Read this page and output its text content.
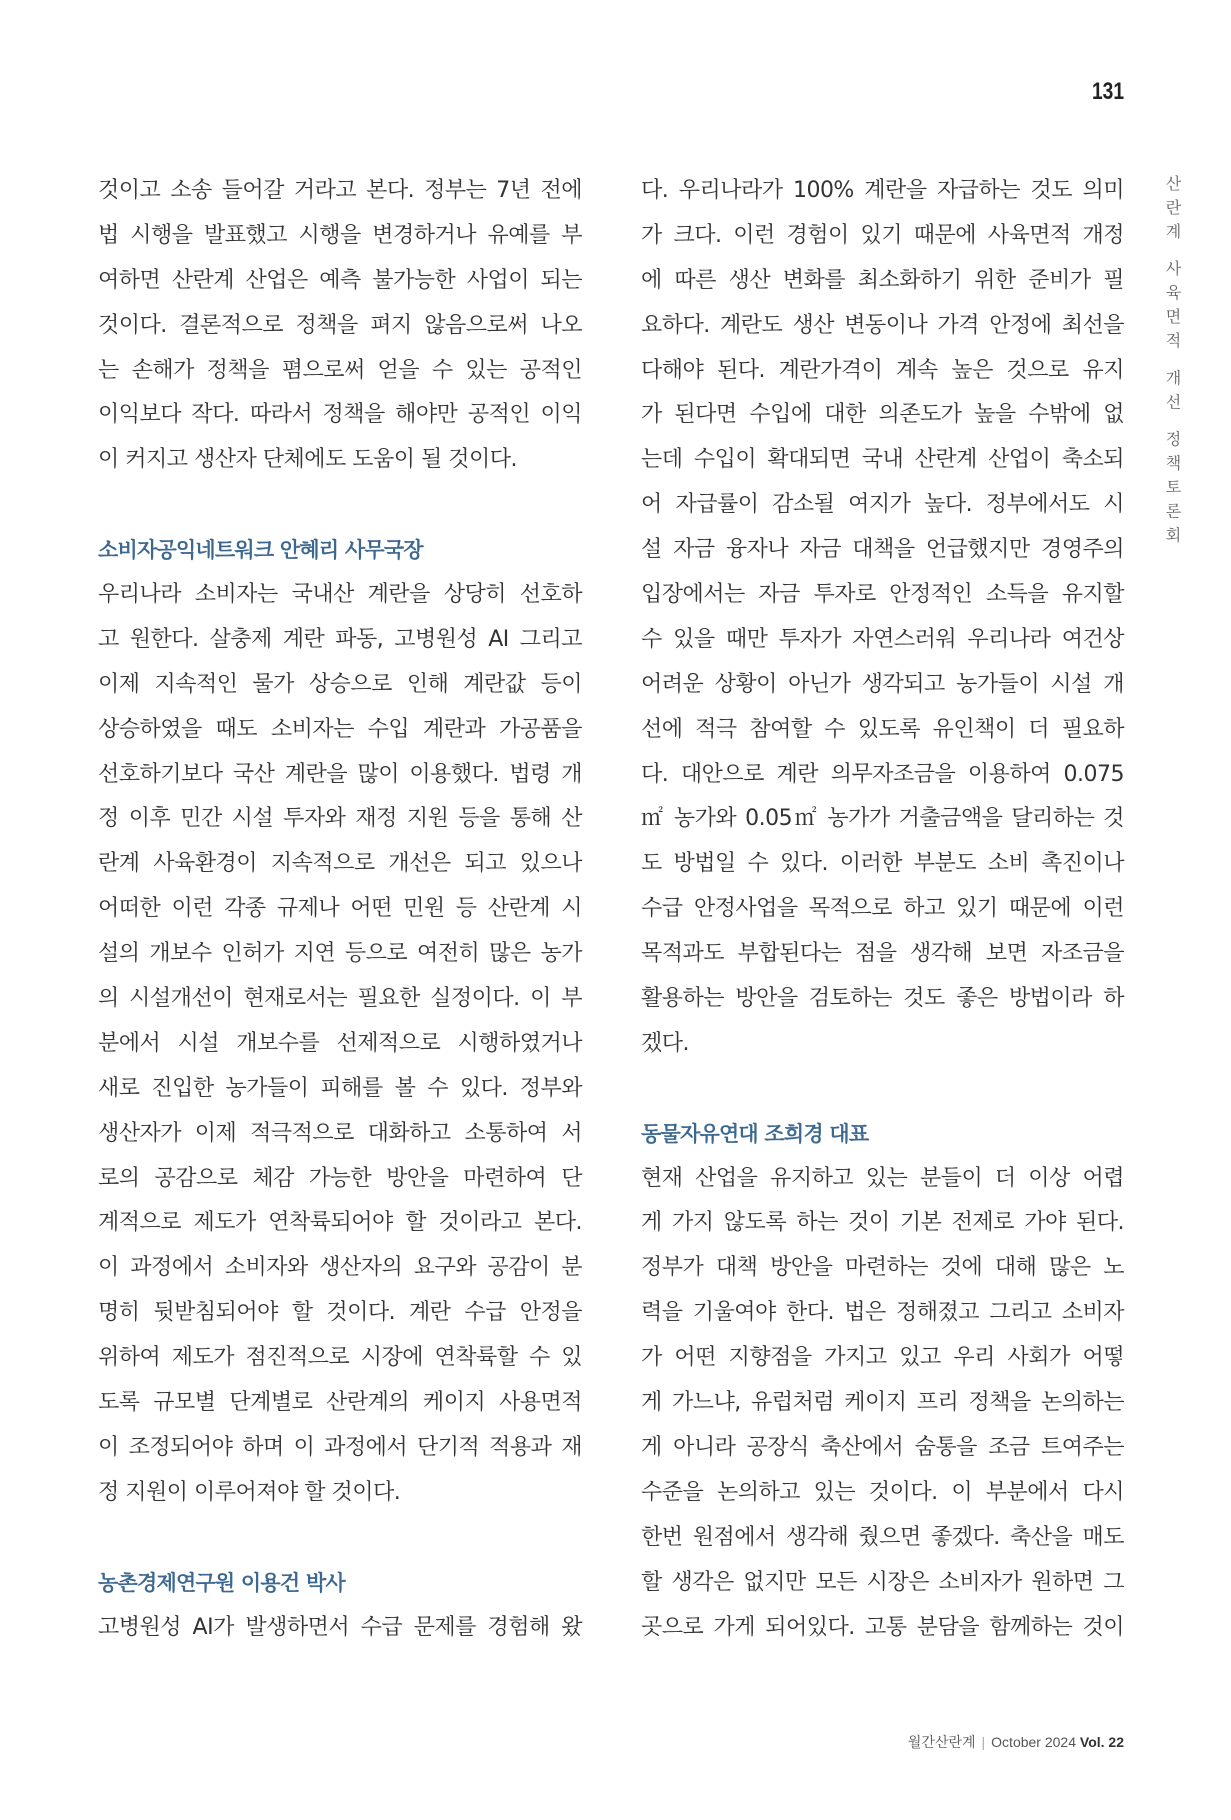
131
것이고 소송 들어갈 거라고 본다. 정부는 7년 전에
법 시행을 발표했고 시행을 변경하거나 유예를 부
여하면 산란계 산업은 예측 불가능한 사업이 되는
것이다. 결론적으로 정책을 펴지 않음으로써 나오
는 손해가 정책을 폄으로써 얻을 수 있는 공적인
이익보다 작다. 따라서 정책을 해야만 공적인 이익
이 커지고 생산자 단체에도 도움이 될 것이다.
소비자공익네트워크 안혜리 사무국장
우리나라 소비자는 국내산 계란을 상당히 선호하
고 원한다. 살충제 계란 파동, 고병원성 AI 그리고
이제 지속적인 물가 상승으로 인해 계란값 등이
상승하였을 때도 소비자는 수입 계란과 가공품을
선호하기보다 국산 계란을 많이 이용했다. 법령 개
정 이후 민간 시설 투자와 재정 지원 등을 통해 산
란계 사육환경이 지속적으로 개선은 되고 있으나
어떠한 이런 각종 규제나 어떤 민원 등 산란계 시
설의 개보수 인허가 지연 등으로 여전히 많은 농가
의 시설개선이 현재로서는 필요한 실정이다. 이 부
분에서 시설 개보수를 선제적으로 시행하였거나
새로 진입한 농가들이 피해를 볼 수 있다. 정부와
생산자가 이제 적극적으로 대화하고 소통하여 서
로의 공감으로 체감 가능한 방안을 마련하여 단
계적으로 제도가 연착륙되어야 할 것이라고 본다.
이 과정에서 소비자와 생산자의 요구와 공감이 분
명히 뒷받침되어야 할 것이다. 계란 수급 안정을
위하여 제도가 점진적으로 시장에 연착륙할 수 있
도록 규모별 단계별로 산란계의 케이지 사용면적
이 조정되어야 하며 이 과정에서 단기적 적용과 재
정 지원이 이루어져야 할 것이다.
농촌경제연구원 이용건 박사
고병원성 AI가 발생하면서 수급 문제를 경험해 왔
다. 우리나라가 100% 계란을 자급하는 것도 의미
가 크다. 이런 경험이 있기 때문에 사육면적 개정
에 따른 생산 변화를 최소화하기 위한 준비가 필
요하다. 계란도 생산 변동이나 가격 안정에 최선을
다해야 된다. 계란가격이 계속 높은 것으로 유지
가 된다면 수입에 대한 의존도가 높을 수밖에 없
는데 수입이 확대되면 국내 산란계 산업이 축소되
어 자급률이 감소될 여지가 높다. 정부에서도 시
설 자금 융자나 자금 대책을 언급했지만 경영주의
입장에서는 자금 투자로 안정적인 소득을 유지할
수 있을 때만 투자가 자연스러워 우리나라 여건상
어려운 상황이 아닌가 생각되고 농가들이 시설 개
선에 적극 참여할 수 있도록 유인책이 더 필요하
다. 대안으로 계란 의무자조금을 이용하여 0.075
㎡ 농가와 0.05㎡ 농가가 거출금액을 달리하는 것
도 방법일 수 있다. 이러한 부분도 소비 촉진이나
수급 안정사업을 목적으로 하고 있기 때문에 이런
목적과도 부합된다는 점을 생각해 보면 자조금을
활용하는 방안을 검토하는 것도 좋은 방법이라 하
겠다.
동물자유연대 조희경 대표
현재 산업을 유지하고 있는 분들이 더 이상 어렵
게 가지 않도록 하는 것이 기본 전제로 가야 된다.
정부가 대책 방안을 마련하는 것에 대해 많은 노
력을 기울여야 한다. 법은 정해졌고 그리고 소비자
가 어떤 지향점을 가지고 있고 우리 사회가 어떻
게 가느냐, 유럽처럼 케이지 프리 정책을 논의하는
게 아니라 공장식 축산에서 숨통을 조금 트여주는
수준을 논의하고 있는 것이다. 이 부분에서 다시
한번 원점에서 생각해 줬으면 좋겠다. 축산을 매도
할 생각은 없지만 모든 시장은 소비자가 원하면 그
곳으로 가게 되어있다. 고통 분담을 함께하는 것이
산란계 사육면적 개선 정책토론회
월간산란계 | October 2024 Vol. 22
